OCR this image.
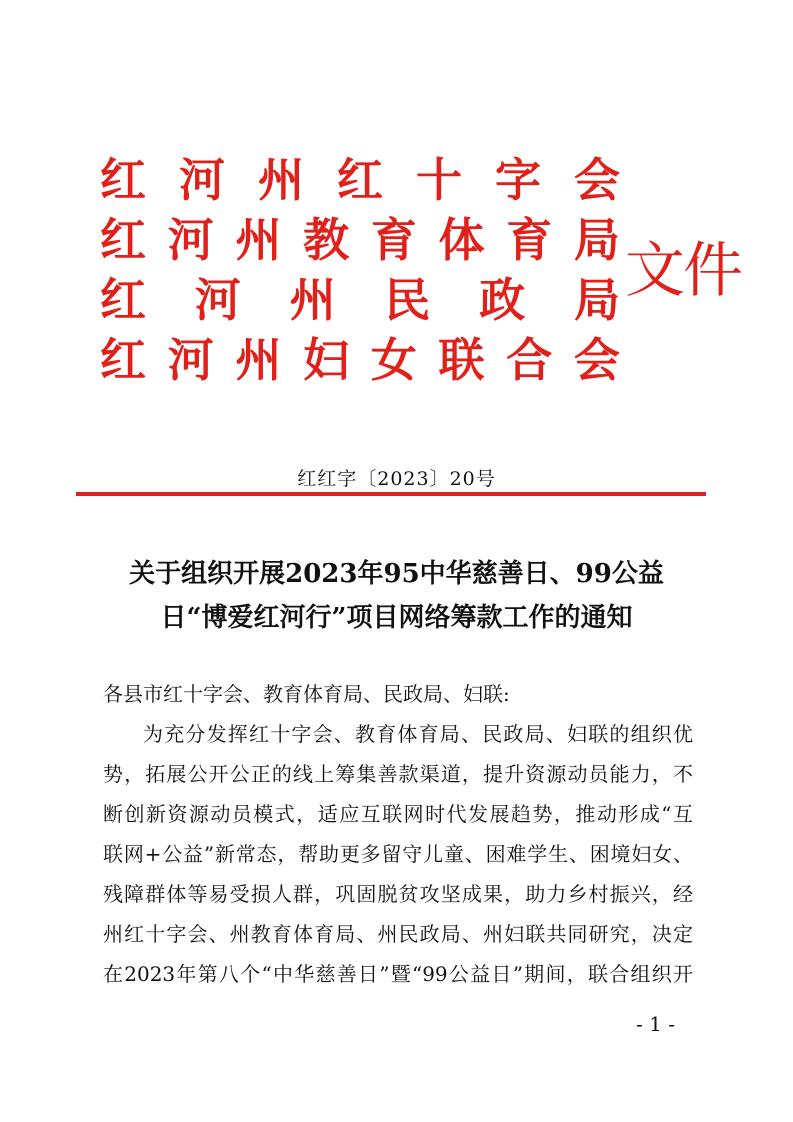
红 河 州 红 十 字 会
红 河 州 教 育 体 育 局
红 河 州 民 政 局
红 河 州 妇 女 联 合 会
文件
红红字〔2023〕20号
关于组织开展2023年95中华慈善日、99公益
日“博爱红河行”项目网络筹款工作的通知
各县市红十字会、教育体育局、民政局、妇联:
为充分发挥红十字会、教育体育局、民政局、妇联的组织优
势，拓展公开公正的线上筹集善款渠道，提升资源动员能力，不
断创新资源动员模式，适应互联网时代发展趋势，推动形成“互
联网+公益”新常态，帮助更多留守儿童、困难学生、困境妇女、
残障群体等易受损人群，巩固脱贫攻坚成果，助力乡村振兴，经
州红十字会、州教育体育局、州民政局、州妇联共同研究，决定
在2023年第八个“中华慈善日”暨“99公益日”期间，联合组织开
- 1 -
